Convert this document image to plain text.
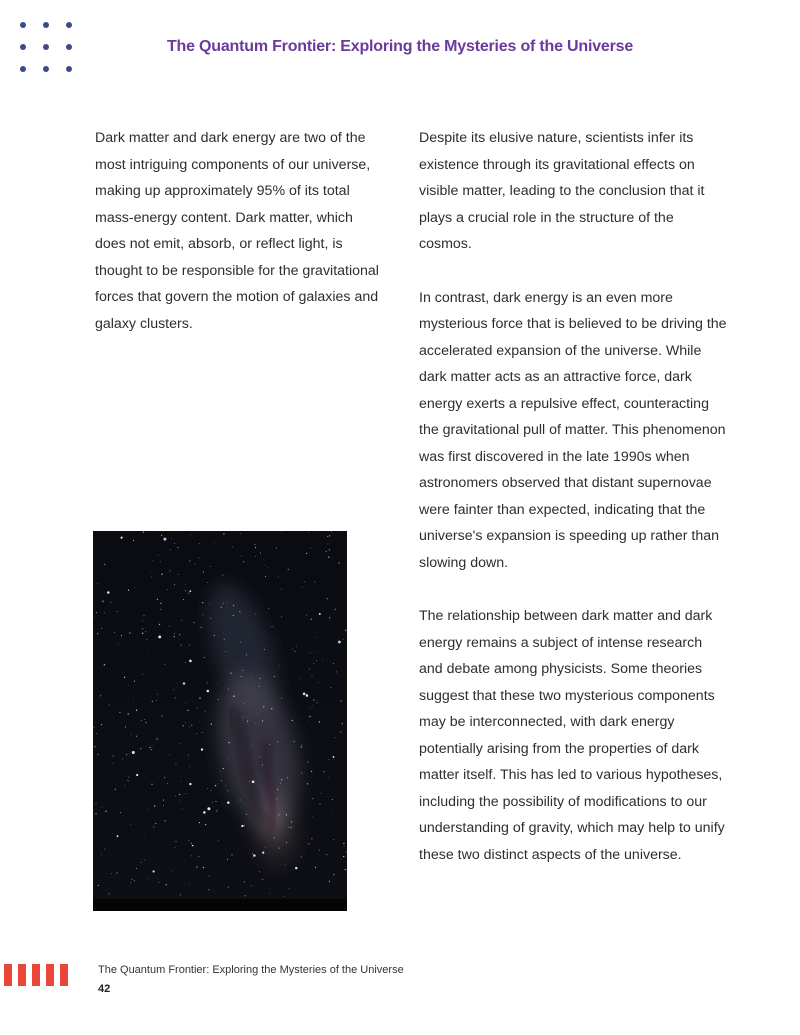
The Quantum Frontier: Exploring the Mysteries of the Universe

Dark matter and dark energy are two of the most intriguing components of our universe, making up approximately 95% of its total mass-energy content. Dark matter, which does not emit, absorb, or reflect light, is thought to be responsible for the gravitational forces that govern the motion of galaxies and galaxy clusters.

Despite its elusive nature, scientists infer its existence through its gravitational effects on visible matter, leading to the conclusion that it plays a crucial role in the structure of the cosmos.

In contrast, dark energy is an even more mysterious force that is believed to be driving the accelerated expansion of the universe. While dark matter acts as an attractive force, dark energy exerts a repulsive effect, counteracting the gravitational pull of matter. This phenomenon was first discovered in the late 1990s when astronomers observed that distant supernovae were fainter than expected, indicating that the universe's expansion is speeding up rather than slowing down.

The relationship between dark matter and dark energy remains a subject of intense research and debate among physicists. Some theories suggest that these two mysterious components may be interconnected, with dark energy potentially arising from the properties of dark matter itself. This has led to various hypotheses, including the possibility of modifications to our understanding of gravity, which may help to unify these two distinct aspects of the universe.

The Quantum Frontier: Exploring the Mysteries of the Universe
42
